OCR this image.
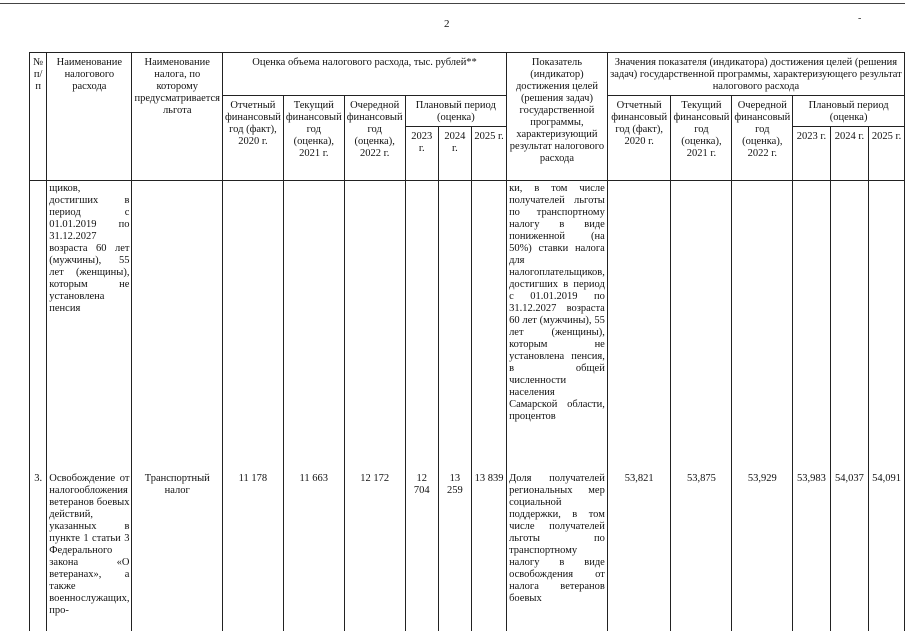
2	-
№ п/п	Наименование налогового расхода	Наименование налога, по которому предусматривается льгота	Оценка объема налогового расхода, тыс. рублей**						Показатель (индикатор) достижения целей (решения задач) государственной программы, характеризующий результат налогового расхода	Значения показателя (индикатора) достижения целей (решения задач) государственной программы, характеризующего результат налогового расхода					
			Отчетный финансовый год (факт), 2020 г.	Текущий финансовый год (оценка), 2021 г.	Очередной финансовый год (оценка), 2022 г.	Плановый период (оценка)				Отчетный финансовый год (факт), 2020 г.	Текущий финансовый год (оценка), 2021 г.	Очередной финансовый год (оценка), 2022 г.	Плановый период (оценка)		
						2023 г.	2024 г.	2025 г.					2023 г.	2024 г.	2025 г.
	щиков, достигших в период с 01.01.2019 по 31.12.2027 возраста 60 лет (мужчины), 55 лет (женщины), которым не установлена пенсия								ки, в том числе получателей льготы по транспортному налогу в виде пониженной (на 50%) ставки налога для налогоплательщиков, достигших в период с 01.01.2019 по 31.12.2027 возраста 60 лет (мужчины), 55 лет (женщины), которым не установлена пенсия, в общей численности населения Самарской области, процентов						
3.	Освобождение от налогообложения ветеранов боевых действий, указанных в пункте 1 статьи 3 Федерального закона «О ветеранах», а также военнослужащих, про-	Транспортный налог	11 178	11 663	12 172	12 704	13 259	13 839	Доля получателей региональных мер социальной поддержки, в том числе получателей льготы по транспортному налогу в виде освобождения от налога ветеранов боевых	53,821	53,875	53,929	53,983	54,037	54,091
